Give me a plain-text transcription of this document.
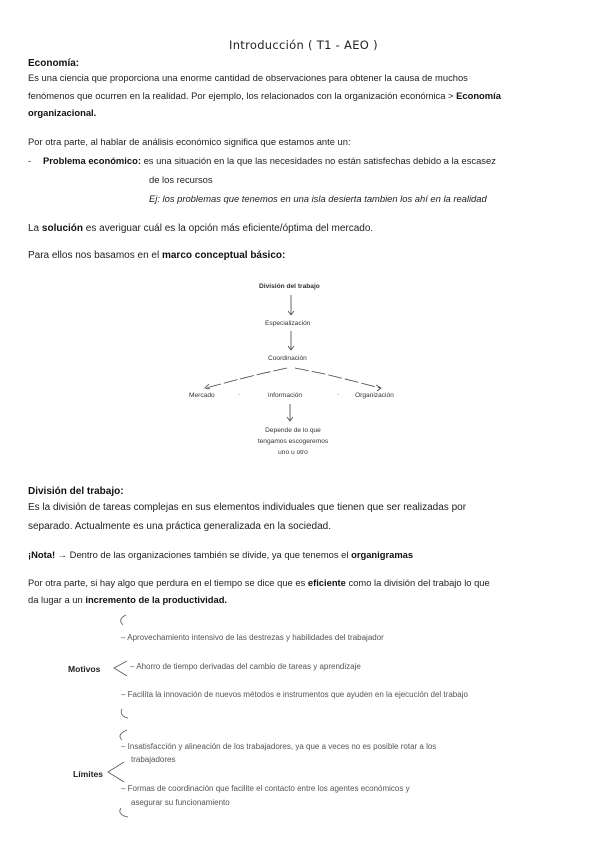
Introducción ( T1 - AEO )
Economía:
Es una ciencia que proporciona una enorme cantidad de observaciones para obtener la causa de muchos
fenómenos que ocurren en la realidad. Por ejemplo, los relacionados con la organización económica > Economía
organizacional.
Por otra parte, al hablar de análisis económico significa que estamos ante un:
- Problema económico: es una situación en la que las necesidades no están satisfechas debido a la escasez
de los recursos
Ej: los problemas que tenemos en una isla desierta tambien los ahí en la realidad
La solución es averiguar cuál es la opción más eficiente/óptima del mercado.
Para ellos nos basamos en el marco conceptual básico:
División del trabajo
Especialización
Coordinación
Mercado	·	información	· Organización
Depende de lo que
tengamos escogeremos
uno u otro
División del trabajo:
Es la división de tareas complejas en sus elementos individuales que tienen que ser realizadas por
separado. Actualmente es una práctica generalizada en la sociedad.
¡Nota! → Dentro de las organizaciones también se divide, ya que tenemos el organigramas
Por otra parte, si hay algo que perdura en el tiempo se dice que es eficiente como la división del trabajo lo que
da lugar a un incremento de la productividad.
Motivos
– Aprovechamiento intensivo de las destrezas y habilidades del trabajador
– Ahorro de tiempo derivadas del cambio de tareas y aprendizaje
– Facilita la innovación de nuevos métodos e instrumentos que ayuden en la ejecución del trabajo
Límites
– Insatisfacción y alineación de los trabajadores, ya que a veces no es posible rotar a los
trabajadores
– Formas de coordinación que facilite el contacto entre los agentes económicos y
asegurar su funcionamiento
